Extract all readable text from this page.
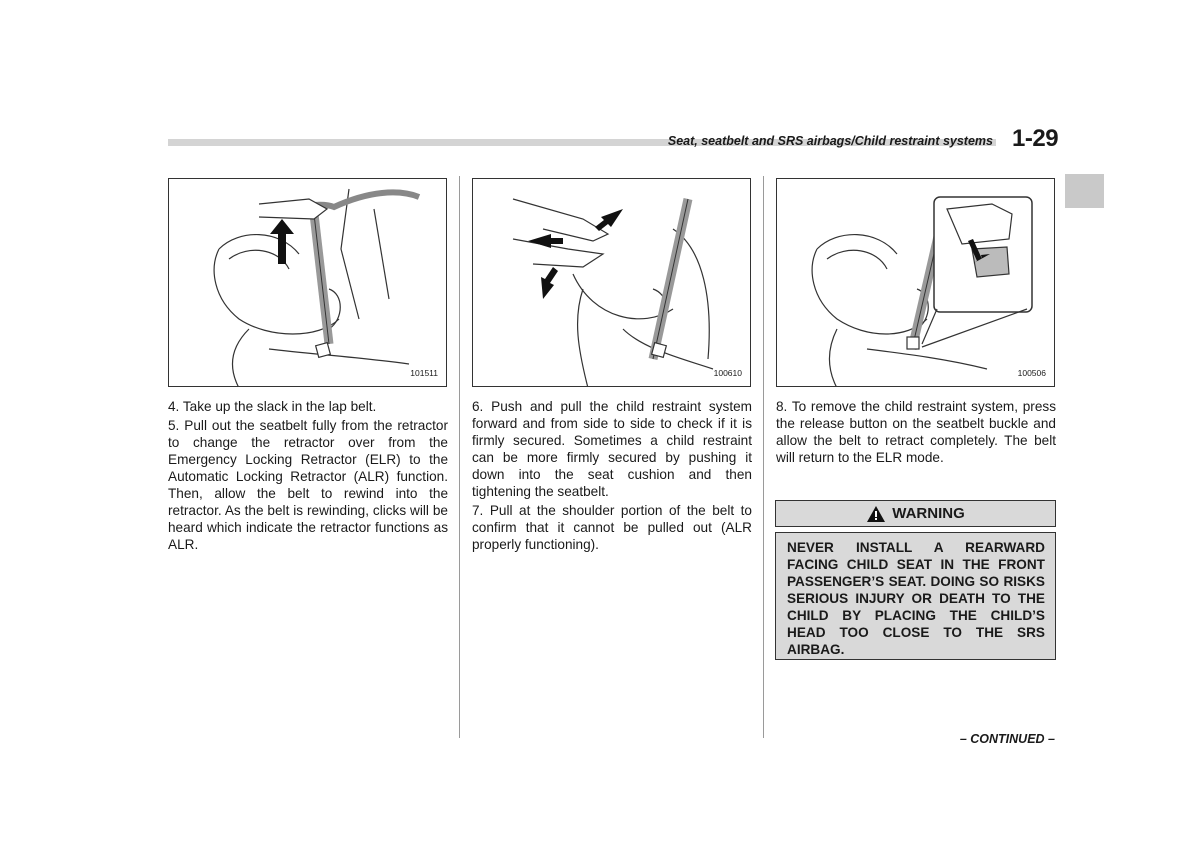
Seat, seatbelt and SRS airbags/Child restraint systems 1-29
101511	100610	100506

4. Take up the slack in the lap belt.

5. Pull out the seatbelt fully from the retractor to change the retractor over from the Emergency Locking Retractor (ELR) to the Automatic Locking Retractor (ALR) function. Then, allow the belt to rewind into the retractor. As the belt is rewinding, clicks will be heard which indicate the retractor functions as ALR.

6. Push and pull the child restraint system forward and from side to side to check if it is firmly secured. Sometimes a child restraint can be more firmly secured by pushing it down into the seat cushion and then tightening the seatbelt.

7. Pull at the shoulder portion of the belt to confirm that it cannot be pulled out (ALR properly functioning).

8. To remove the child restraint system, press the release button on the seatbelt buckle and allow the belt to retract completely. The belt will return to the ELR mode.

WARNING
NEVER INSTALL A REARWARD FACING CHILD SEAT IN THE FRONT PASSENGER’S SEAT. DOING SO RISKS SERIOUS INJURY OR DEATH TO THE CHILD BY PLACING THE CHILD’S HEAD TOO CLOSE TO THE SRS AIRBAG.
– CONTINUED –
